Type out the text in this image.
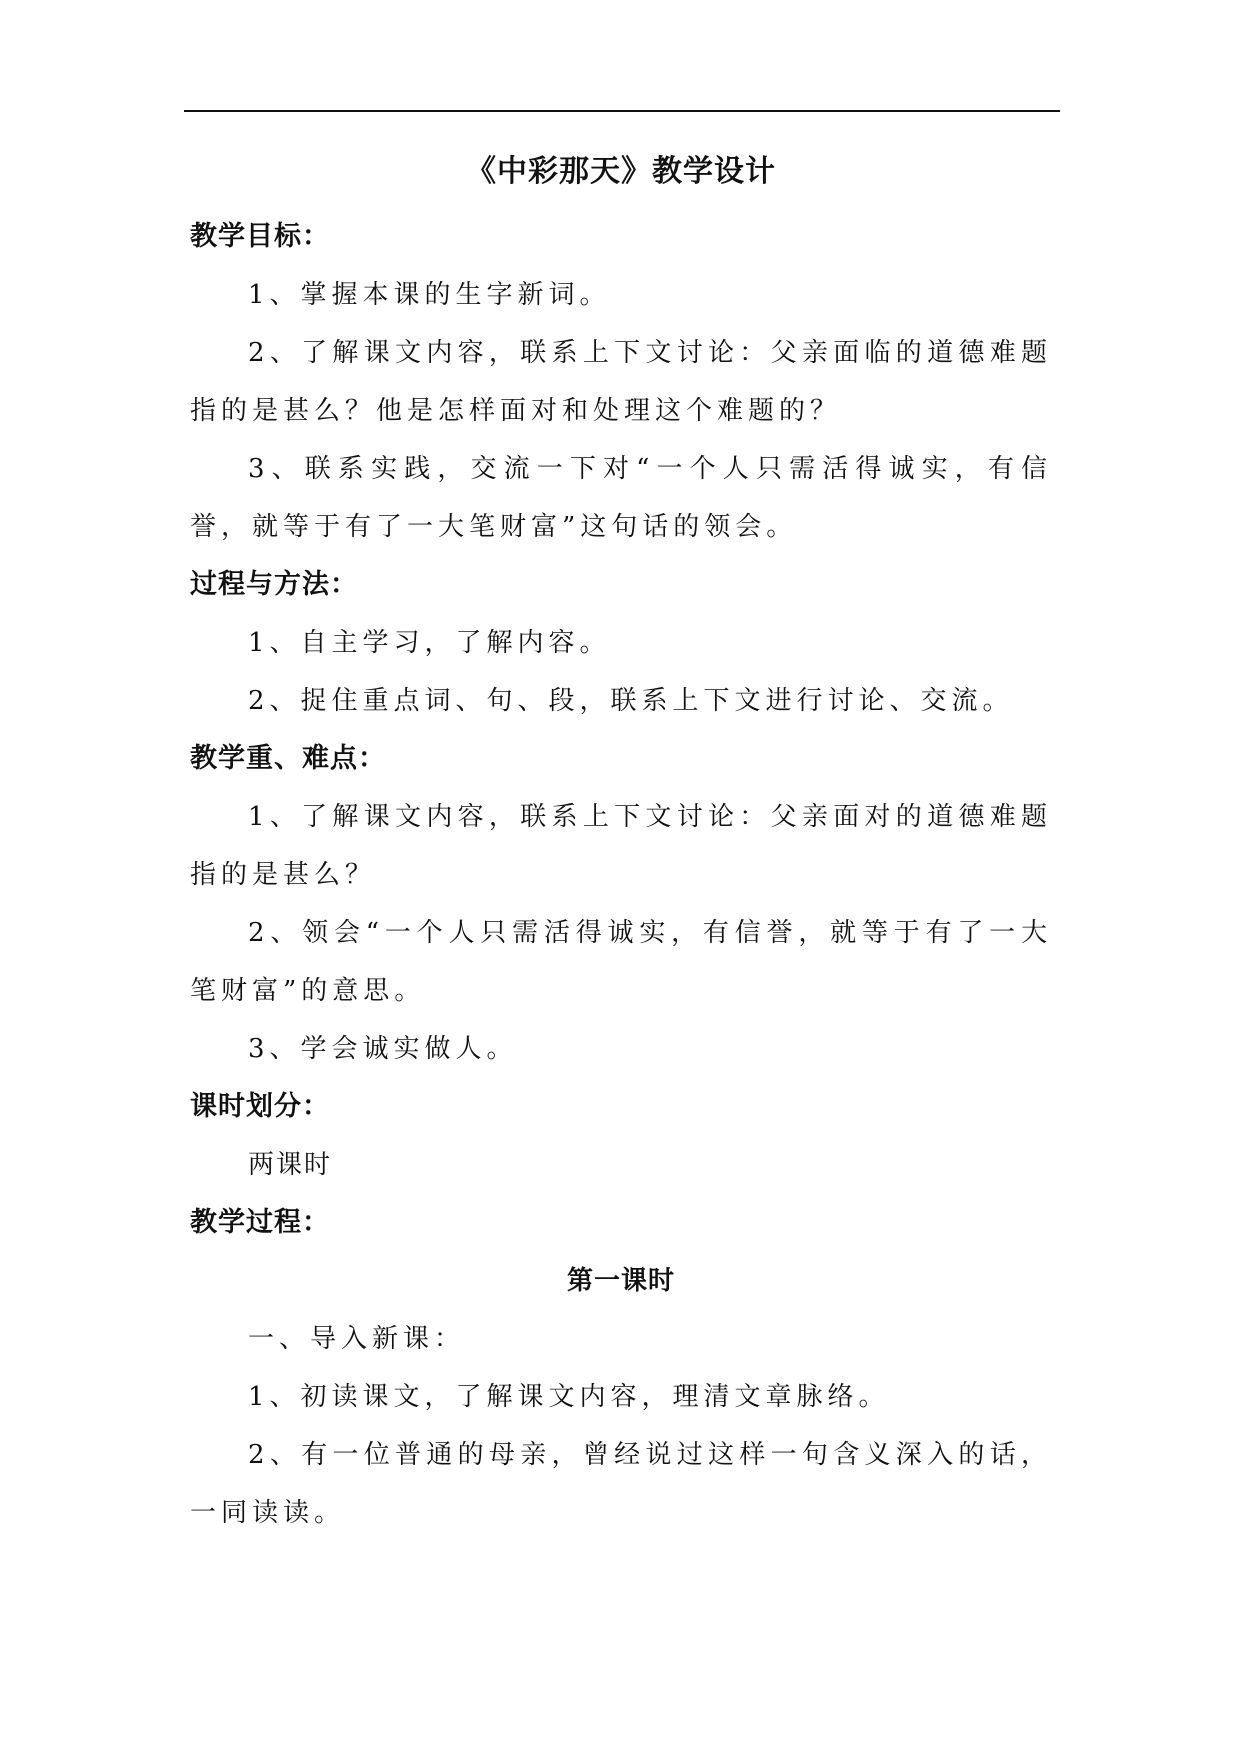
《中彩那天》教学设计

教学目标：

1、掌握本课的生字新词。

2、了解课文内容，联系上下文讨论：父亲面临的道德难题指的是甚么？他是怎样面对和处理这个难题的？

3、联系实践，交流一下对“一个人只需活得诚实，有信誉，就等于有了一大笔财富”这句话的领会。

过程与方法：

1、自主学习，了解内容。

2、捉住重点词、句、段，联系上下文进行讨论、交流。

教学重、难点：

1、了解课文内容，联系上下文讨论：父亲面对的道德难题指的是甚么？

2、领会“一个人只需活得诚实，有信誉，就等于有了一大笔财富”的意思。

3、学会诚实做人。

课时划分：

两课时

教学过程：

第一课时

一、导入新课：

1、初读课文，了解课文内容，理清文章脉络。

2、有一位普通的母亲，曾经说过这样一句含义深入的话，一同读读。
